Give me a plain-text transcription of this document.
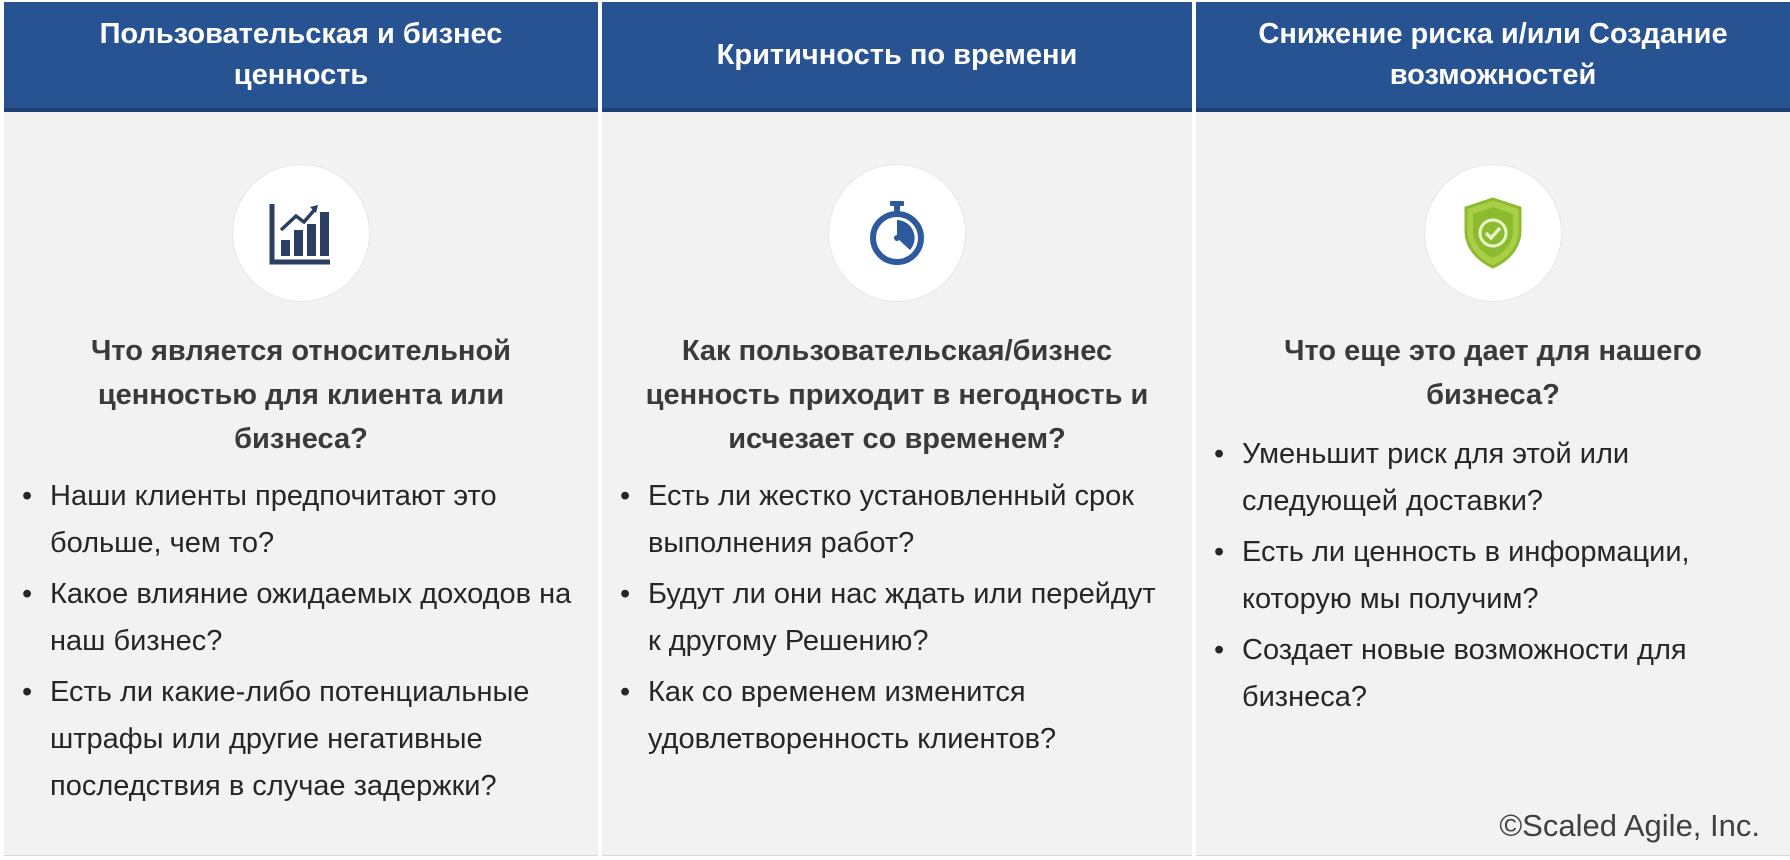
Пользовательская и бизнес ценность
Что является относительной ценностью для клиента или бизнеса?
• Наши клиенты предпочитают это больше, чем то?
• Какое влияние ожидаемых доходов на наш бизнес?
• Есть ли какие-либо потенциальные штрафы или другие негативные последствия в случае задержки?
Критичность по времени
Как пользовательская/бизнес ценность приходит в негодность и исчезает со временем?
• Есть ли жестко установленный срок выполнения работ?
• Будут ли они нас ждать или перейдут к другому Решению?
• Как со временем изменится удовлетворенность клиентов?
Снижение риска и/или Создание возможностей
Что еще это дает для нашего бизнеса?
• Уменьшит риск для этой или следующей доставки?
• Есть ли ценность в информации, которую мы получим?
• Создает новые возможности для бизнеса?
©Scaled Agile, Inc.
